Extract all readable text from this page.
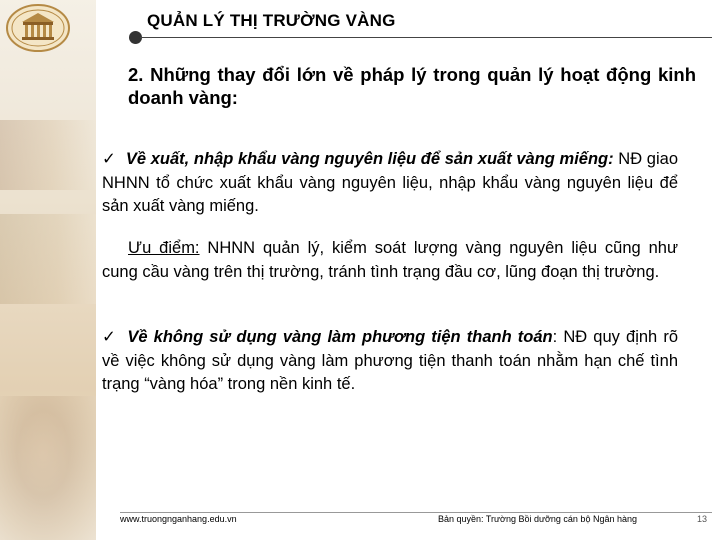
QUẢN LÝ THỊ TRƯỜNG VÀNG
2. Những thay đổi lớn về pháp lý trong quản lý hoạt động kinh doanh vàng:
✓ Về xuất, nhập khẩu vàng nguyên liệu để sản xuất vàng miếng: NĐ giao NHNN tổ chức xuất khẩu vàng nguyên liệu, nhập khẩu vàng nguyên liệu để sản xuất vàng miếng.
Ưu điểm: NHNN quản lý, kiểm soát lượng vàng nguyên liệu cũng như cung cầu vàng trên thị trường, tránh tình trạng đầu cơ, lũng đoạn thị trường.
✓ Về không sử dụng vàng làm phương tiện thanh toán: NĐ quy định rõ về việc không sử dụng vàng làm phương tiện thanh toán nhằm hạn chế tình trạng “vàng hóa” trong nền kinh tế.
www.truongnganhang.edu.vn	Bản quyền: Trường Bồi dưỡng cán bộ Ngân hàng	13
